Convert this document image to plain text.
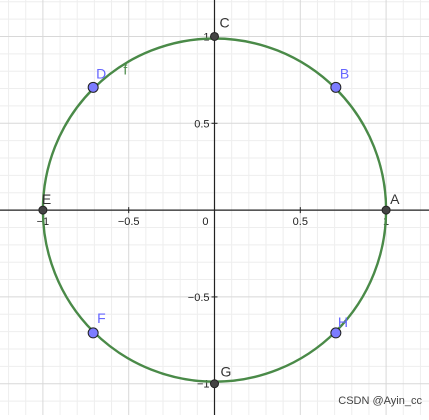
−1	−0.5	0.5	1
1
0.5
−0.5
−1
0
f
A
B
C
D
E
F
G
H
CSDN @Ayin_cc
